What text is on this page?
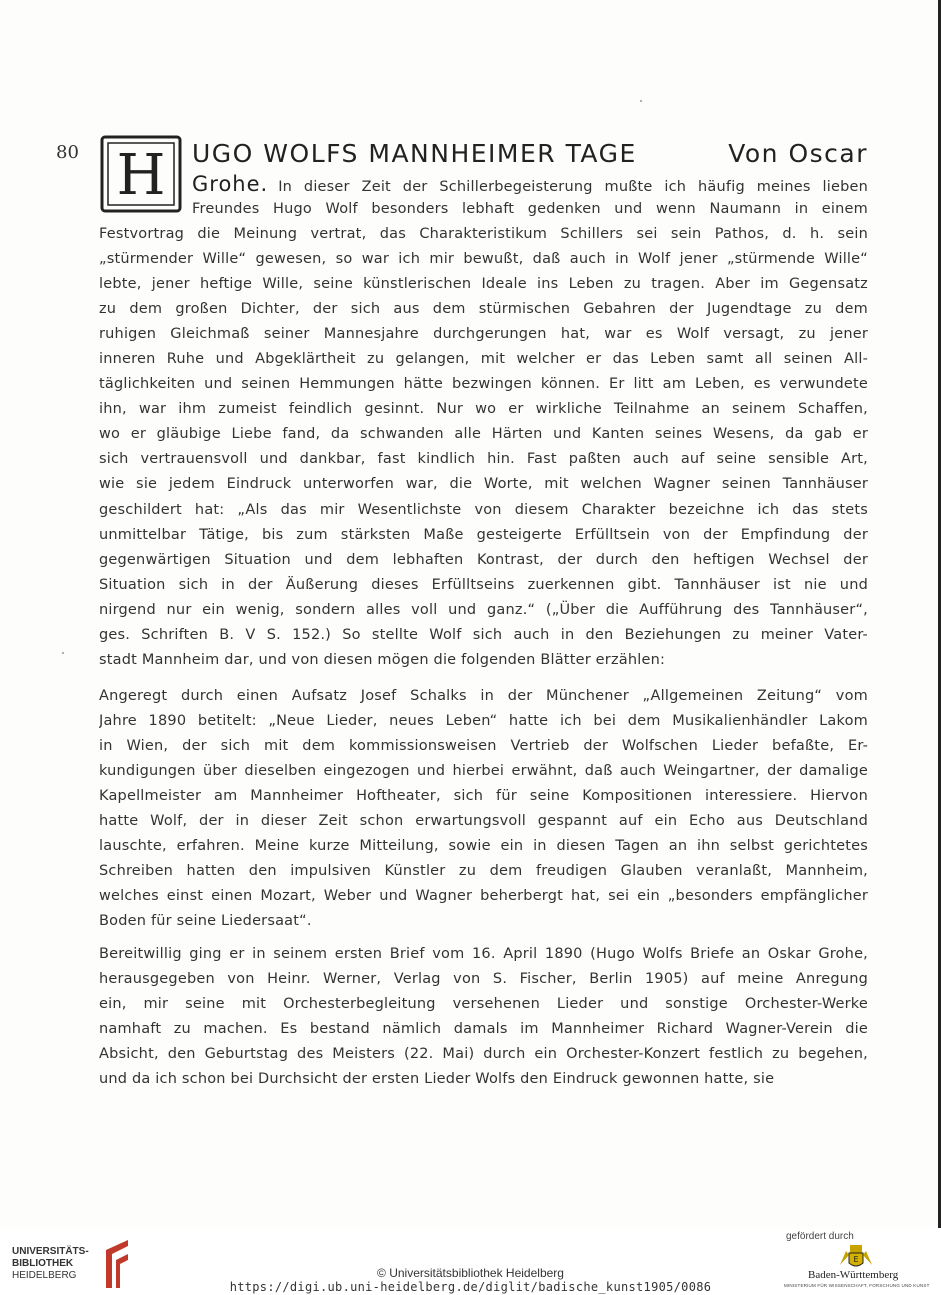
80 H UGO WOLFS MANNHEIMER TAGE	Von Oscar
Grohe. In dieser Zeit der Schillerbegeisterung mußte ich häufig meines lieben
Freundes Hugo Wolf besonders lebhaft gedenken und wenn Naumann in einem
Festvortrag die Meinung vertrat, das Charakteristikum Schillers sei sein Pathos, d. h. sein
„stürmender Wille“ gewesen, so war ich mir bewußt, daß auch in Wolf jener „stürmende Wille“
lebte, jener heftige Wille, seine künstlerischen Ideale ins Leben zu tragen. Aber im Gegensatz
zu dem großen Dichter, der sich aus dem stürmischen Gebahren der Jugendtage zu dem
ruhigen Gleichmaß seiner Mannesjahre durchgerungen hat, war es Wolf versagt, zu jener
inneren Ruhe und Abgeklärtheit zu gelangen, mit welcher er das Leben samt all seinen All-
täglichkeiten und seinen Hemmungen hätte bezwingen können. Er litt am Leben, es verwundete
ihn, war ihm zumeist feindlich gesinnt. Nur wo er wirkliche Teilnahme an seinem Schaffen,
wo er gläubige Liebe fand, da schwanden alle Härten und Kanten seines Wesens, da gab er
sich vertrauensvoll und dankbar, fast kindlich hin. Fast paßten auch auf seine sensible Art,
wie sie jedem Eindruck unterworfen war, die Worte, mit welchen Wagner seinen Tannhäuser
geschildert hat: „Als das mir Wesentlichste von diesem Charakter bezeichne ich das stets
unmittelbar Tätige, bis zum stärksten Maße gesteigerte Erfülltsein von der Empfindung der
gegenwärtigen Situation und dem lebhaften Kontrast, der durch den heftigen Wechsel der
Situation sich in der Äußerung dieses Erfülltseins zuerkennen gibt. Tannhäuser ist nie und
nirgend nur ein wenig, sondern alles voll und ganz.“ („Über die Aufführung des Tannhäuser“,
ges. Schriften B. V S. 152.) So stellte Wolf sich auch in den Beziehungen zu meiner Vater-
stadt Mannheim dar, und von diesen mögen die folgenden Blätter erzählen:
Angeregt durch einen Aufsatz Josef Schalks in der Münchener „Allgemeinen Zeitung“ vom
Jahre 1890 betitelt: „Neue Lieder, neues Leben“ hatte ich bei dem Musikalienhändler Lakom
in Wien, der sich mit dem kommissionsweisen Vertrieb der Wolfschen Lieder befaßte, Er-
kundigungen über dieselben eingezogen und hierbei erwähnt, daß auch Weingartner, der damalige
Kapellmeister am Mannheimer Hoftheater, sich für seine Kompositionen interessiere. Hiervon
hatte Wolf, der in dieser Zeit schon erwartungsvoll gespannt auf ein Echo aus Deutschland
lauschte, erfahren. Meine kurze Mitteilung, sowie ein in diesen Tagen an ihn selbst gerichtetes
Schreiben hatten den impulsiven Künstler zu dem freudigen Glauben veranlaßt, Mannheim,
welches einst einen Mozart, Weber und Wagner beherbergt hat, sei ein „besonders empfänglicher
Boden für seine Liedersaat“.
Bereitwillig ging er in seinem ersten Brief vom 16. April 1890 (Hugo Wolfs Briefe an Oskar Grohe,
herausgegeben von Heinr. Werner, Verlag von S. Fischer, Berlin 1905) auf meine Anregung
ein, mir seine mit Orchesterbegleitung versehenen Lieder und sonstige Orchester-Werke
namhaft zu machen. Es bestand nämlich damals im Mannheimer Richard Wagner-Verein die
Absicht, den Geburtstag des Meisters (22. Mai) durch ein Orchester-Konzert festlich zu begehen,
und da ich schon bei Durchsicht der ersten Lieder Wolfs den Eindruck gewonnen hatte, sie
UNIVERSITÄTS-
BIBLIOTHEK
HEIDELBERG	© Universitätsbibliothek Heidelberg
https://digi.ub.uni-heidelberg.de/diglit/badische_kunst1905/0086
gefördert durch
E
Baden-Württemberg
MINISTERIUM FÜR WISSENSCHAFT, FORSCHUNG UND KUNST
